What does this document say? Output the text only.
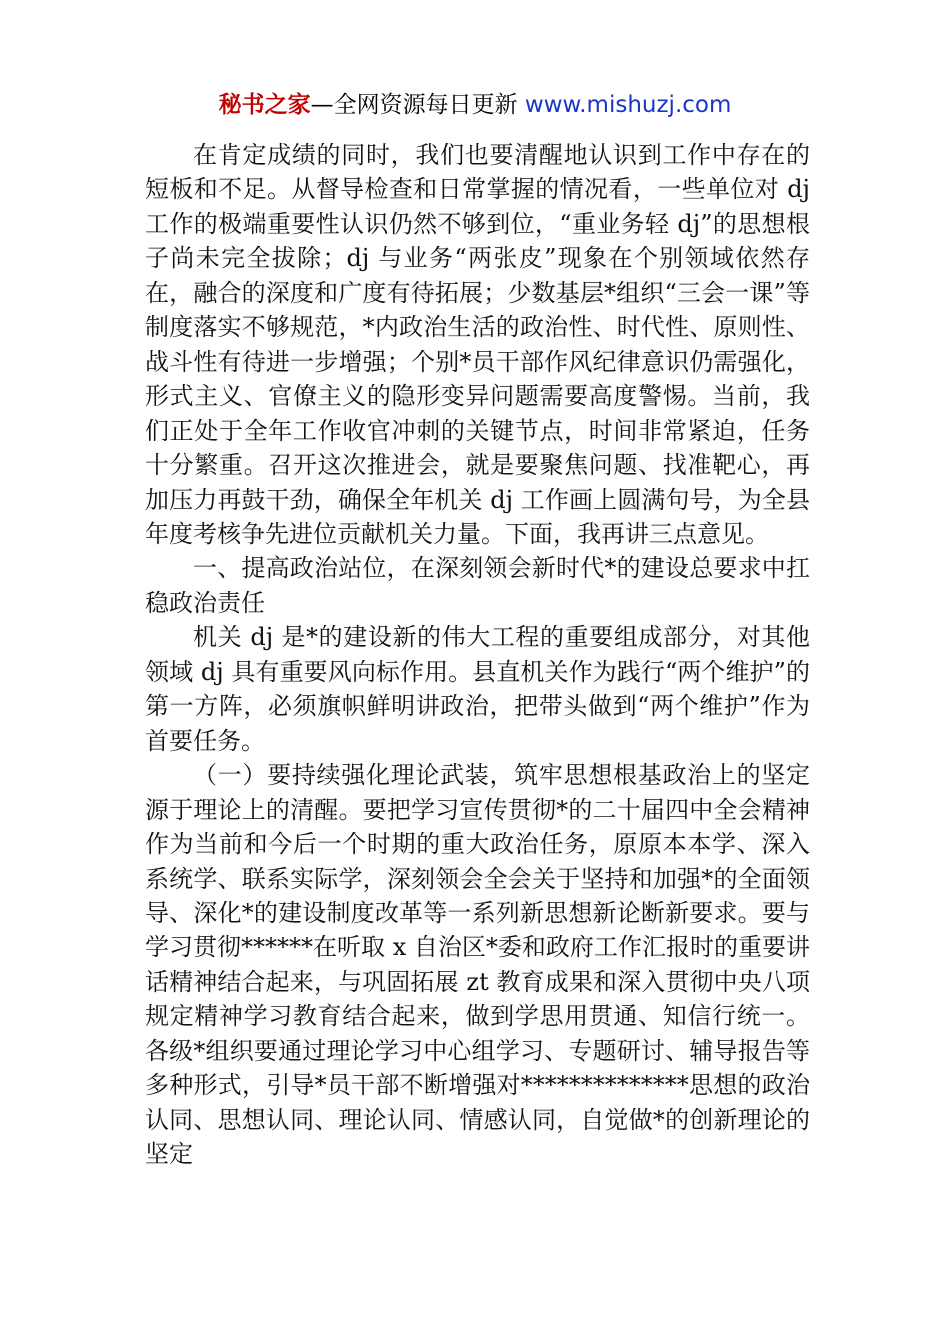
秘书之家—全网资源每日更新 www.mishuzj.com

在肯定成绩的同时，我们也要清醒地认识到工作中存在的短板和不足。从督导检查和日常掌握的情况看，一些单位对 dj 工作的极端重要性认识仍然不够到位，“重业务轻 dj”的思想根子尚未完全拔除；dj 与业务“两张皮”现象在个别领域依然存在，融合的深度和广度有待拓展；少数基层*组织“三会一课”等制度落实不够规范，*内政治生活的政治性、时代性、原则性、战斗性有待进一步增强；个别*员干部作风纪律意识仍需强化，形式主义、官僚主义的隐形变异问题需要高度警惕。当前，我们正处于全年工作收官冲刺的关键节点，时间非常紧迫，任务十分繁重。召开这次推进会，就是要聚焦问题、找准靶心，再加压力再鼓干劲，确保全年机关 dj 工作画上圆满句号，为全县年度考核争先进位贡献机关力量。下面，我再讲三点意见。

一、提高政治站位，在深刻领会新时代*的建设总要求中扛稳政治责任

机关 dj 是*的建设新的伟大工程的重要组成部分，对其他领域 dj 具有重要风向标作用。县直机关作为践行“两个维护”的第一方阵，必须旗帜鲜明讲政治，把带头做到“两个维护”作为首要任务。

（一）要持续强化理论武装，筑牢思想根基政治上的坚定源于理论上的清醒。要把学习宣传贯彻*的二十届四中全会精神作为当前和今后一个时期的重大政治任务，原原本本学、深入系统学、联系实际学，深刻领会全会关于坚持和加强*的全面领导、深化*的建设制度改革等一系列新思想新论断新要求。要与学习贯彻******在听取 x 自治区*委和政府工作汇报时的重要讲话精神结合起来，与巩固拓展 zt 教育成果和深入贯彻中央八项规定精神学习教育结合起来，做到学思用贯通、知信行统一。各级*组织要通过理论学习中心组学习、专题研讨、辅导报告等多种形式，引导*员干部不断增强对**************思想的政治认同、思想认同、理论认同、情感认同，自觉做*的创新理论的坚定
